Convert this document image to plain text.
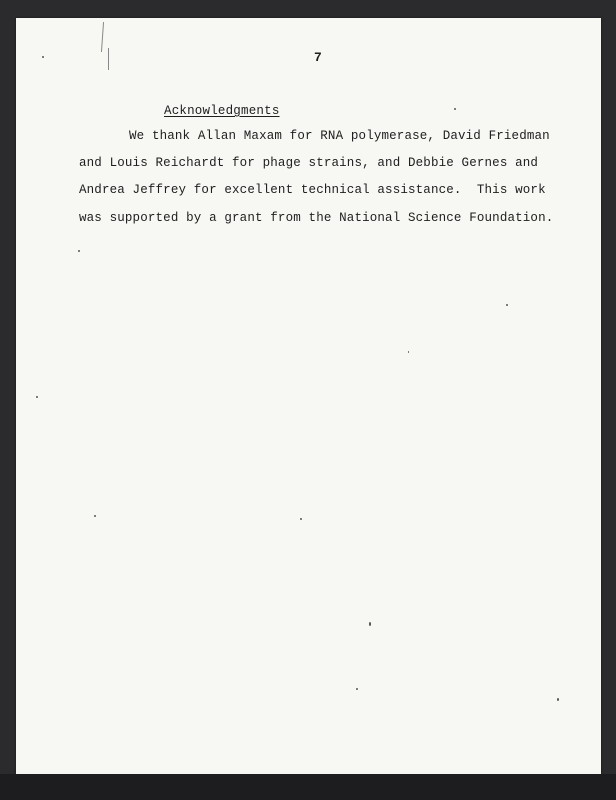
7
Acknowledgments
We thank Allan Maxam for RNA polymerase, David Friedman
and Louis Reichardt for phage strains, and Debbie Gernes and
Andrea Jeffrey for excellent technical assistance.  This work
was supported by a grant from the National Science Foundation.
